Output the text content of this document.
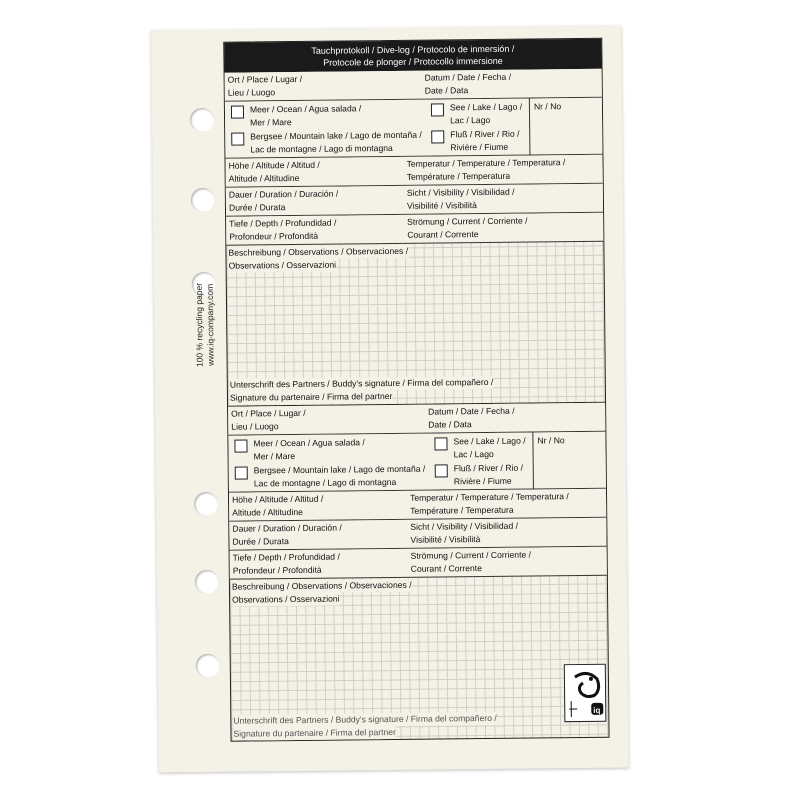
100 % recycling paper www.iq-company.com
Tauchprotokoll / Dive-log / Protocolo de inmersión /
Protocole de plonger / Protocollo immersione
Ort / Place / Lugar /
Lieu / Luogo
Datum / Date / Fecha /
Date / Data
Meer / Ocean / Agua salada /
Mer / Mare
Bergsee / Mountain lake / Lago de montaña /
Lac de montagne / Lago di montagna
See / Lake / Lago /
Lac / Lago
Fluß / River / Rio /
Rivière / Fiume
Nr / No
Höhe / Altitude / Altitud /
Altitude / Altitudine
Temperatur / Temperature / Temperatura /
Température / Temperatura
Dauer / Duration / Duración /
Durée / Durata
Sicht / Visibility / Visibilidad /
Visibilité / Visibilità
Tiefe / Depth / Profundidad /
Profondeur / Profondità
Strömung / Current / Corriente /
Courant / Corrente
Beschreibung / Observations / Observaciones /
Observations / Osservazioni
Unterschrift des Partners / Buddy's signature / Firma del compañero /
Signature du partenaire / Firma del partner
Ort / Place / Lugar /
Lieu / Luogo
Datum / Date / Fecha /
Date / Data
Meer / Ocean / Agua salada /
Mer / Mare
Bergsee / Mountain lake / Lago de montaña /
Lac de montagne / Lago di montagna
See / Lake / Lago /
Lac / Lago
Fluß / River / Rio /
Rivière / Fiume
Nr / No
Höhe / Altitude / Altitud /
Altitude / Altitudine
Temperatur / Temperature / Temperatura /
Température / Temperatura
Dauer / Duration / Duración /
Durée / Durata
Sicht / Visibility / Visibilidad /
Visibilité / Visibilità
Tiefe / Depth / Profundidad /
Profondeur / Profondità
Strömung / Current / Corriente /
Courant / Corrente
Beschreibung / Observations / Observaciones /
Observations / Osservazioni
iq
Unterschrift des Partners / Buddy's signature / Firma del compañero /
Signature du partenaire / Firma del partner
